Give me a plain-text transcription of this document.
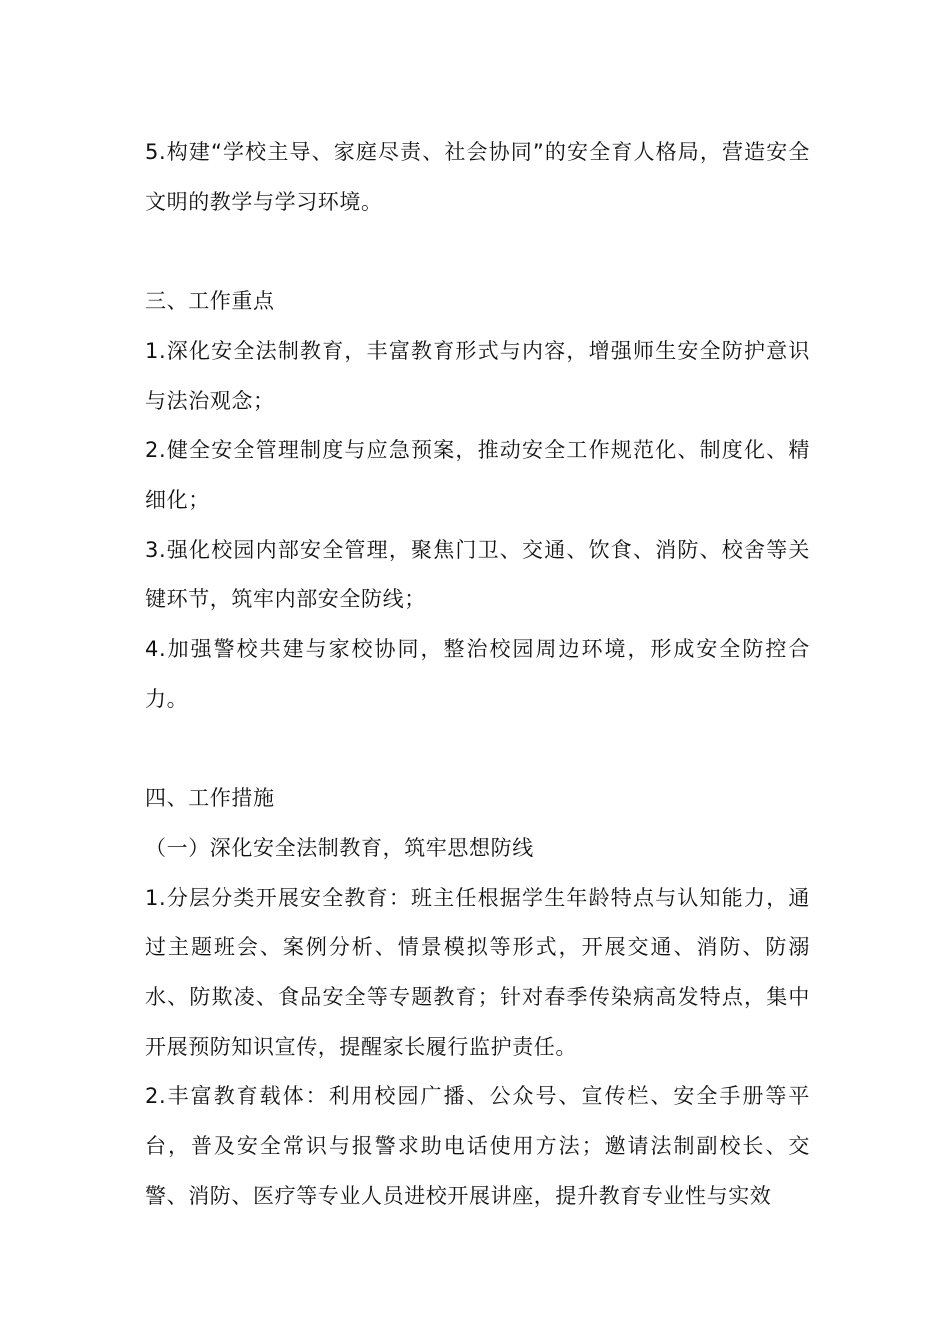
5.构建“学校主导、家庭尽责、社会协同”的安全育人格局，营造安全文明的教学与学习环境。

三、工作重点

1.深化安全法制教育，丰富教育形式与内容，增强师生安全防护意识与法治观念；

2.健全安全管理制度与应急预案，推动安全工作规范化、制度化、精细化；

3.强化校园内部安全管理，聚焦门卫、交通、饮食、消防、校舍等关键环节，筑牢内部安全防线；

4.加强警校共建与家校协同，整治校园周边环境，形成安全防控合力。

四、工作措施

（一）深化安全法制教育，筑牢思想防线

1.分层分类开展安全教育：班主任根据学生年龄特点与认知能力，通过主题班会、案例分析、情景模拟等形式，开展交通、消防、防溺水、防欺凌、食品安全等专题教育；针对春季传染病高发特点，集中开展预防知识宣传，提醒家长履行监护责任。

2.丰富教育载体：利用校园广播、公众号、宣传栏、安全手册等平台，普及安全常识与报警求助电话使用方法；邀请法制副校长、交警、消防、医疗等专业人员进校开展讲座，提升教育专业性与实效
